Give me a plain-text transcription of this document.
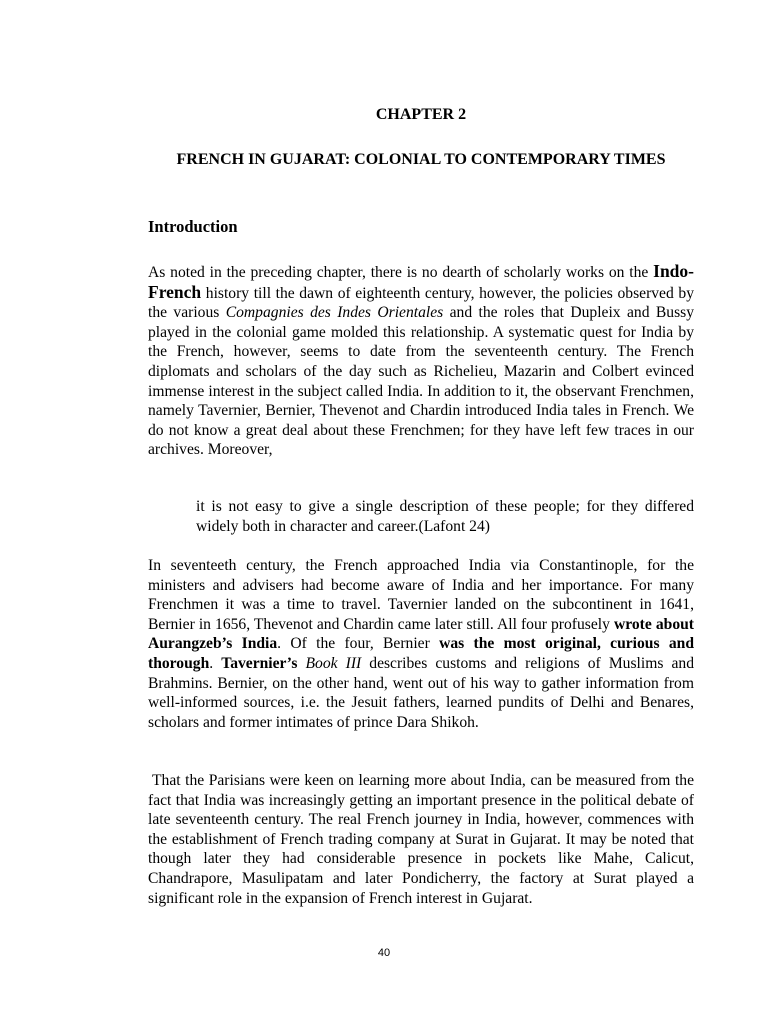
CHAPTER 2
FRENCH IN GUJARAT: COLONIAL TO CONTEMPORARY TIMES
Introduction
As noted in the preceding chapter, there is no dearth of scholarly works on the Indo-French history till the dawn of eighteenth century, however, the policies observed by the various Compagnies des Indes Orientales and the roles that Dupleix and Bussy played in the colonial game molded this relationship. A systematic quest for India by the French, however, seems to date from the seventeenth century. The French diplomats and scholars of the day such as Richelieu, Mazarin and Colbert evinced immense interest in the subject called India. In addition to it, the observant Frenchmen, namely Tavernier, Bernier, Thevenot and Chardin introduced India tales in French. We do not know a great deal about these Frenchmen; for they have left few traces in our archives. Moreover,
it is not easy to give a single description of these people; for they differed widely both in character and career.(Lafont 24)
In seventeeth century, the French approached India via Constantinople, for the ministers and advisers had become aware of India and her importance. For many Frenchmen it was a time to travel. Tavernier landed on the subcontinent in 1641, Bernier in 1656, Thevenot and Chardin came later still. All four profusely wrote about Aurangzeb’s India. Of the four, Bernier was the most original, curious and thorough. Tavernier’s Book III describes customs and religions of Muslims and Brahmins. Bernier, on the other hand, went out of his way to gather information from well-informed sources, i.e. the Jesuit fathers, learned pundits of Delhi and Benares, scholars and former intimates of prince Dara Shikoh.
That the Parisians were keen on learning more about India, can be measured from the fact that India was increasingly getting an important presence in the political debate of late seventeenth century. The real French journey in India, however, commences with the establishment of French trading company at Surat in Gujarat. It may be noted that though later they had considerable presence in pockets like Mahe, Calicut, Chandrapore, Masulipatam and later Pondicherry, the factory at Surat played a significant role in the expansion of French interest in Gujarat.
40
